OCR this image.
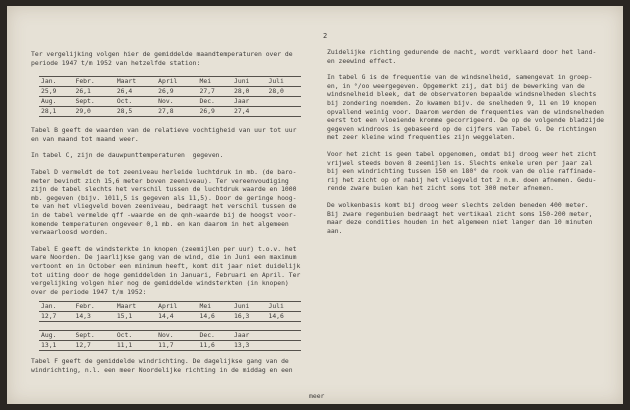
2

Ter vergelijking volgen hier de gemiddelde maandtemperaturen over de

periode 1947 t/m 1952 van hetzelfde station:

Jan.	Febr.	Maart	April	Mei	Juni	Juli
25,9	26,1	26,4	26,9	27,7	28,0	28,0
Aug.	Sept.	Oct.	Nov.	Dec.	Jaar	
28,1	29,0	28,5	27,8	26,9	27,4	

Tabel B geeft de waarden van de relatieve vochtigheid van uur tot uur

en van maand tot maand weer.

In tabel C, zijn de dauwpunttemperaturen  gegeven.

Tabel D vermeldt de tot zeeniveau herleide luchtdruk in mb. (de baro-

meter bevindt zich 15,6 meter boven zeeniveau). Ter vereenvoudiging

zijn de tabel slechts het verschil tussen de luchtdruk waarde en 1000

mb. gegeven (bijv. 1011,5 is gegeven als 11,5). Door de geringe hoog-

te van het vliegveld boven zeeniveau, bedraagt het verschil tussen de

in de tabel vermelde qff -waarde en de qnh-waarde bij de hoogst voor-

komende temperaturen ongeveer 0,1 mb. en kan daarom in het algemeen

verwaarloosd worden.

Tabel E geeft de windsterkte in knopen (zeemijlen per uur) t.o.v. het

ware Noorden. De jaarlijkse gang van de wind, die in Juni een maximum

vertoont en in October een minimum heeft, komt dit jaar niet duidelijk

tot uiting door de hoge gemiddelden in Januari, Februari en April. Ter

vergelijking volgen hier nog de gemiddelde windsterkten (in knopen)

over de periode 1947 t/m 1952:

Jan.	Febr.	Maart	April	Mei	Juni	Juli
12,7	14,3	15,1	14,4	14,6	16,3	14,6

Aug.	Sept.	Oct.	Nov.	Dec.	Jaar	
13,1	12,7	11,1	11,7	11,6	13,3	

Tabel F geeft de gemiddelde windrichting. De dagelijkse gang van de

windrichting, n.l. een meer Noordelijke richting in de middag en een

Zuidelijke richting gedurende de nacht, wordt verklaard door het land-

en zeewind effect.

In tabel G is de frequentie van de windsnelheid, samengevat in groep-

en, in °/oo weergegeven. Opgemerkt zij, dat bij de bewerking van de

windsnelheid bleek, dat de observatoren bepaalde windsnelheden slechts

bij zondering noemden. Zo kwamen bijv. de snelheden 9, 11 en 19 knopen

opvallend weinig voor. Daarom werden de frequenties van de windsnelheden

eerst tot een vloeiende kromme gecorrigeerd. De op de volgende bladzijde

gegeven windroos is gebaseerd op de cijfers van Tabel G. De richtingen

met zeer kleine wind frequenties zijn weggelaten.

Voor het zicht is geen tabel opgenomen, omdat bij droog weer het zicht

vrijwel steeds boven 8 zeemijlen is. Slechts enkele uren per jaar zal

bij een windrichting tussen 150 en 180° de rook van de olie raffinade-

rij het zicht op of nabij het vliegveld tot 2 n.m. doen afnemen. Gedu-

rende zware buien kan het zicht soms tot 300 meter afnemen.

De wolkenbasis komt bij droog weer slechts zelden beneden 400 meter.

Bij zware regenbuien bedraagt het vertikaal zicht soms 150-200 meter,

maar deze condities houden in het algemeen niet langer dan 10 minuten

aan.

meer
